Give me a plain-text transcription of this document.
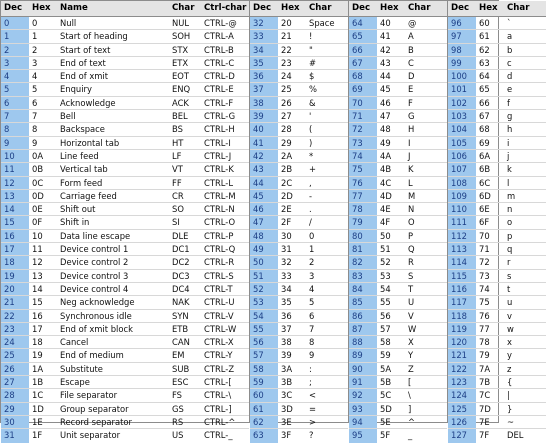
Dec	Hex	Name	Char	Ctrl-char
0	0	Null	NUL	CTRL-@
1	1	Start of heading	SOH	CTRL-A
2	2	Start of text	STX	CTRL-B
3	3	End of text	ETX	CTRL-C
4	4	End of xmit	EOT	CTRL-D
5	5	Enquiry	ENQ	CTRL-E
6	6	Acknowledge	ACK	CTRL-F
7	7	Bell	BEL	CTRL-G
8	8	Backspace	BS	CTRL-H
9	9	Horizontal tab	HT	CTRL-I
10	0A	Line feed	LF	CTRL-J
11	0B	Vertical tab	VT	CTRL-K
12	0C	Form feed	FF	CTRL-L
13	0D	Carriage feed	CR	CTRL-M
14	0E	Shift out	SO	CTRL-N
15	0F	Shift in	SI	CTRL-O
16	10	Data line escape	DLE	CTRL-P
17	11	Device control 1	DC1	CTRL-Q
18	12	Device control 2	DC2	CTRL-R
19	13	Device control 3	DC3	CTRL-S
20	14	Device control 4	DC4	CTRL-T
21	15	Neg acknowledge	NAK	CTRL-U
22	16	Synchronous idle	SYN	CTRL-V
23	17	End of xmit block	ETB	CTRL-W
24	18	Cancel	CAN	CTRL-X
25	19	End of medium	EM	CTRL-Y
26	1A	Substitute	SUB	CTRL-Z
27	1B	Escape	ESC	CTRL-[
28	1C	File separator	FS	CTRL-\
29	1D	Group separator	GS	CTRL-]
30	1E	Record separator	RS	CTRL-^
31	1F	Unit separator	US	CTRL-_
Dec	Hex	Char
32	20	Space
33	21	!
34	22	"
35	23	#
36	24	$
37	25	%
38	26	&
39	27	'
40	28	(
41	29	)
42	2A	*
43	2B	+
44	2C	,
45	2D	-
46	2E	.
47	2F	/
48	30	0
49	31	1
50	32	2
51	33	3
52	34	4
53	35	5
54	36	6
55	37	7
56	38	8
57	39	9
58	3A	:
59	3B	;
60	3C	<
61	3D	=
62	3E	>
63	3F	?
Dec	Hex	Char
64	40	@
65	41	A
66	42	B
67	43	C
68	44	D
69	45	E
70	46	F
71	47	G
72	48	H
73	49	I
74	4A	J
75	4B	K
76	4C	L
77	4D	M
78	4E	N
79	4F	O
80	50	P
81	51	Q
82	52	R
83	53	S
84	54	T
85	55	U
86	56	V
87	57	W
88	58	X
89	59	Y
90	5A	Z
91	5B	[
92	5C	\
93	5D	]
94	5E	^
95	5F	_
Dec	Hex	Char
96	60	`
97	61	a
98	62	b
99	63	c
100	64	d
101	65	e
102	66	f
103	67	g
104	68	h
105	69	i
106	6A	j
107	6B	k
108	6C	l
109	6D	m
110	6E	n
111	6F	o
112	70	p
113	71	q
114	72	r
115	73	s
116	74	t
117	75	u
118	76	v
119	77	w
120	78	x
121	79	y
122	7A	z
123	7B	{
124	7C	|
125	7D	}
126	7E	~
127	7F	DEL
